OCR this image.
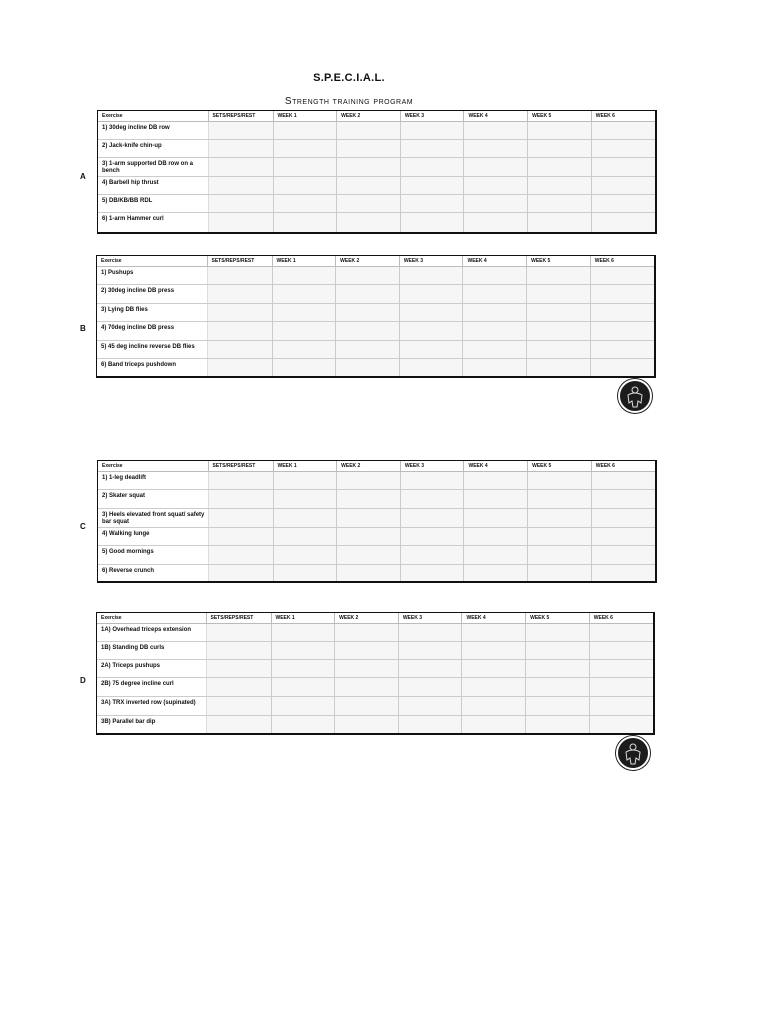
S.P.E.C.I.A.L.
Strength training program
A
Exercise	SETS/REPS/REST	WEEK 1	WEEK 2	WEEK 3	WEEK 4	WEEK 5	WEEK 6
1) 30deg incline DB row							
2) Jack-knife chin-up							
3) 1-arm supported DB row on a bench							
4) Barbell hip thrust							
5) DB/KB/BB RDL							
6) 1-arm Hammer curl							
B
Exercise	SETS/REPS/REST	WEEK 1	WEEK 2	WEEK 3	WEEK 4	WEEK 5	WEEK 6
1) Pushups							
2) 30deg incline DB press							
3) Lying DB flies							
4) 70deg incline DB press							
5) 45 deg incline reverse DB flies							
6) Band triceps pushdown							
C
Exercise	SETS/REPS/REST	WEEK 1	WEEK 2	WEEK 3	WEEK 4	WEEK 5	WEEK 6
1) 1-leg deadlift							
2) Skater squat							
3) Heels elevated front squat/ safety bar squat							
4) Walking lunge							
5) Good mornings							
6) Reverse crunch							
D
Exercise	SETS/REPS/REST	WEEK 1	WEEK 2	WEEK 3	WEEK 4	WEEK 5	WEEK 6
1A) Overhead triceps extension							
1B) Standing DB curls							
2A) Triceps pushups							
2B) 75 degree incline curl							
3A) TRX inverted row (supinated)							
3B) Parallel bar dip							
